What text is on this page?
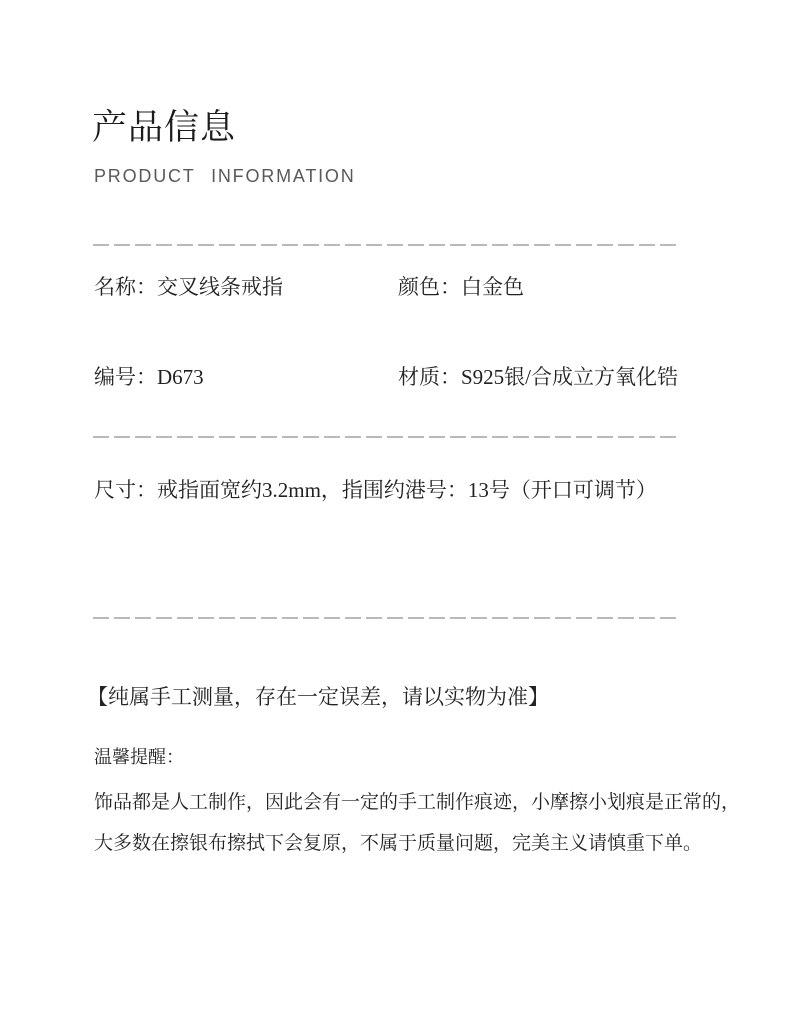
产品信息
PRODUCT INFORMATION
名称：交叉线条戒指	颜色：白金色
编号：D673	材质：S925银/合成立方氧化锆
尺寸：戒指面宽约3.2mm，指围约港号：13号（开口可调节）
【纯属手工测量，存在一定误差，请以实物为准】
温馨提醒：
饰品都是人工制作，因此会有一定的手工制作痕迹，小摩擦小划痕是正常的，
大多数在擦银布擦拭下会复原，不属于质量问题，完美主义请慎重下单。
